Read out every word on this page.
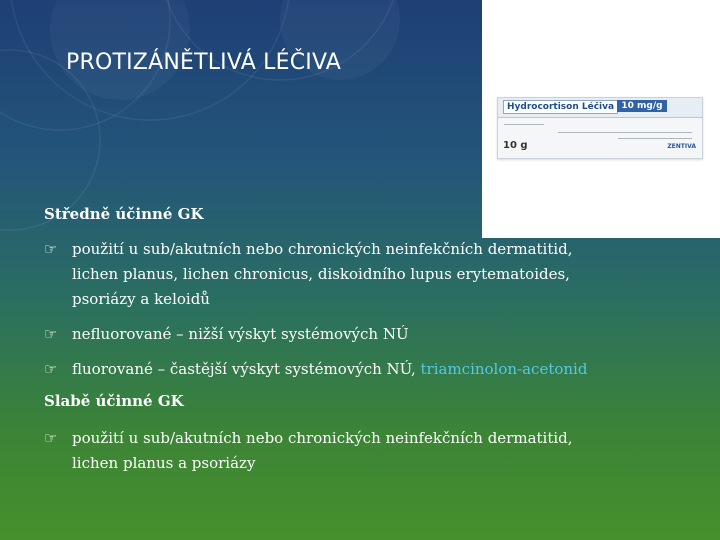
PROTIZÁNĚTLIVÁ LÉČIVA
Hydrocortison Léčiva 10 mg/g
10 g	ZENTIVA
Středně účinné GK
☞ použití u sub/akutních nebo chronických neinfekčních dermatitid,
lichen planus, lichen chronicus, diskoidního lupus erytematoides,
psoriázy a keloidů
☞ nefluorované – nižší výskyt systémových NÚ
☞ fluorované – častější výskyt systémových NÚ, triamcinolon-acetonid
Slabě účinné GK
☞ použití u sub/akutních nebo chronických neinfekčních dermatitid,
lichen planus a psoriázy
